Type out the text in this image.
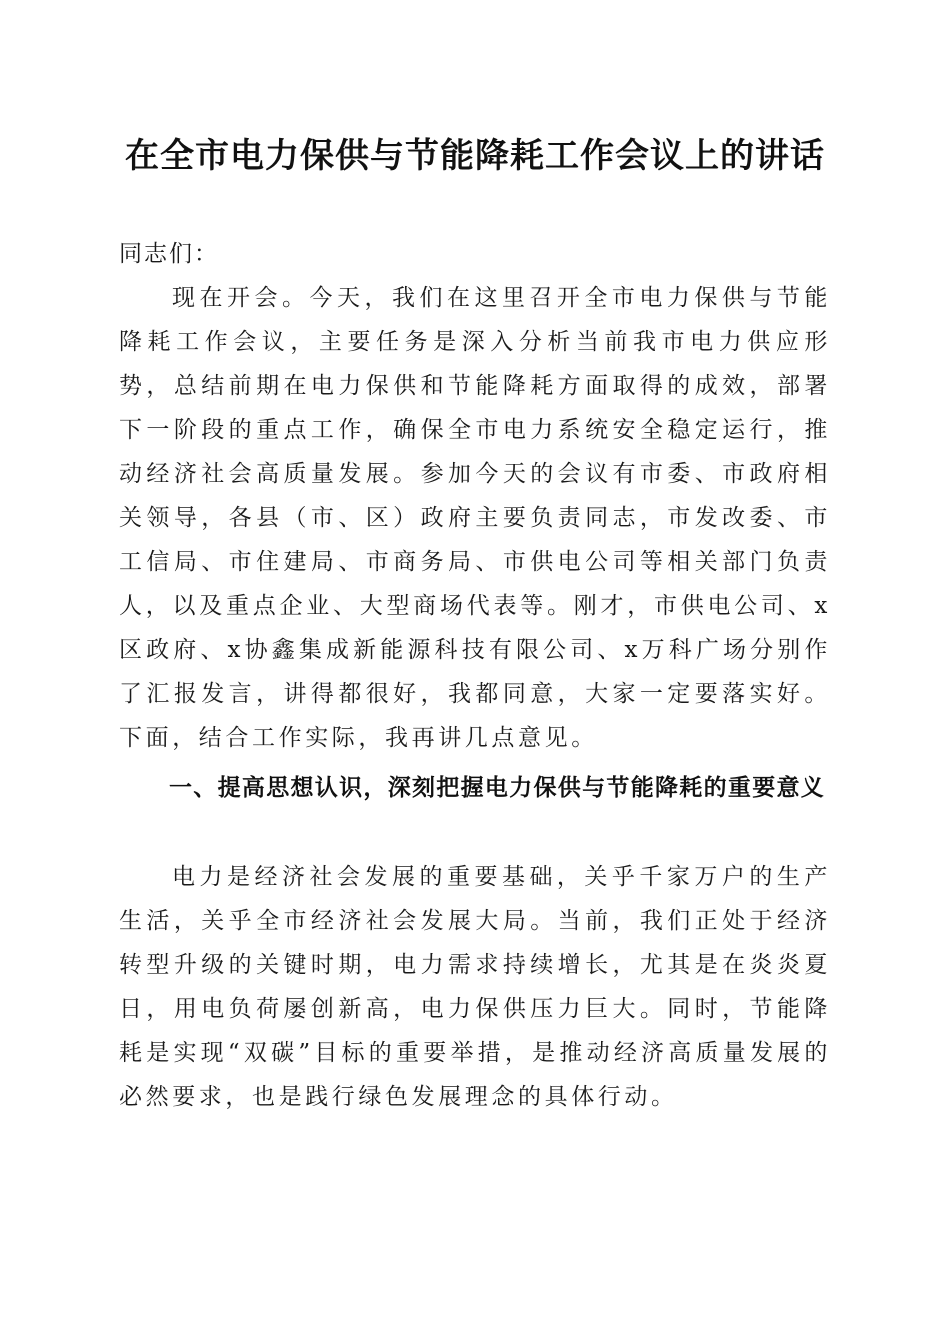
在全市电力保供与节能降耗工作会议上的讲话
同志们：
现在开会。今天，我们在这里召开全市电力保供与节能降耗工作会议，主要任务是深入分析当前我市电力供应形势，总结前期在电力保供和节能降耗方面取得的成效，部署下一阶段的重点工作，确保全市电力系统安全稳定运行，推动经济社会高质量发展。参加今天的会议有市委、市政府相关领导，各县（市、区）政府主要负责同志，市发改委、市工信局、市住建局、市商务局、市供电公司等相关部门负责人，以及重点企业、大型商场代表等。刚才，市供电公司、x区政府、x协鑫集成新能源科技有限公司、x万科广场分别作了汇报发言，讲得都很好，我都同意，大家一定要落实好。下面，结合工作实际，我再讲几点意见。
一、提高思想认识，深刻把握电力保供与节能降耗的重要意义
电力是经济社会发展的重要基础，关乎千家万户的生产生活，关乎全市经济社会发展大局。当前，我们正处于经济转型升级的关键时期，电力需求持续增长，尤其是在炎炎夏日，用电负荷屡创新高，电力保供压力巨大。同时，节能降耗是实现“双碳”目标的重要举措，是推动经济高质量发展的必然要求，也是践行绿色发展理念的具体行动。
